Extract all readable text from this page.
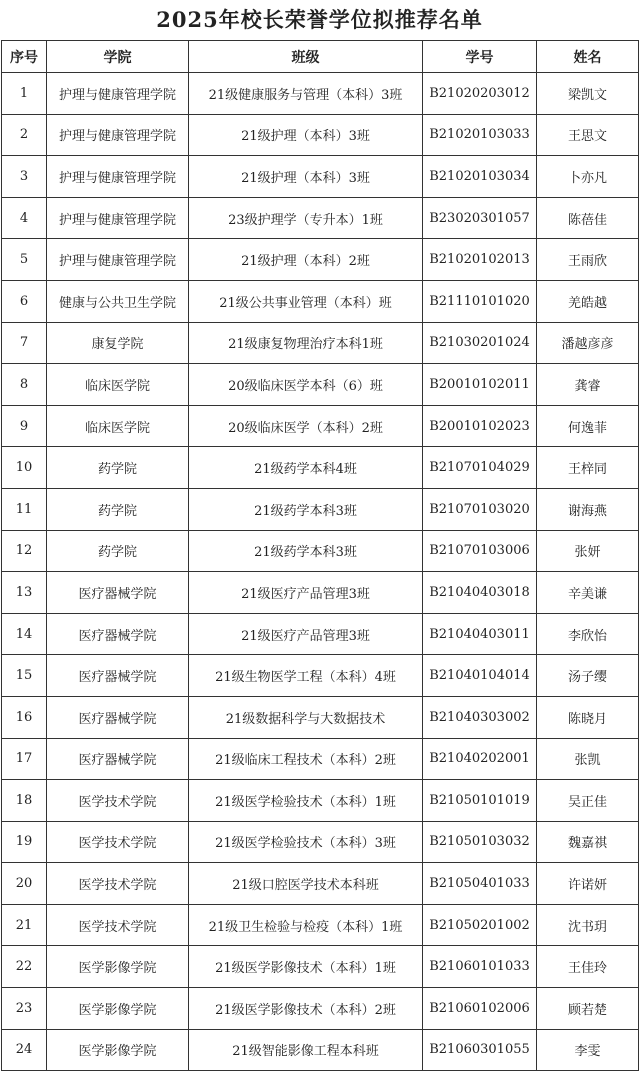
2025年校长荣誉学位拟推荐名单
序号	学院	班级	学号	姓名
1	护理与健康管理学院	21级健康服务与管理（本科）3班	B21020203012	梁凯文
2	护理与健康管理学院	21级护理（本科）3班	B21020103033	王思文
3	护理与健康管理学院	21级护理（本科）3班	B21020103034	卜亦凡
4	护理与健康管理学院	23级护理学（专升本）1班	B23020301057	陈蓓佳
5	护理与健康管理学院	21级护理（本科）2班	B21020102013	王雨欣
6	健康与公共卫生学院	21级公共事业管理（本科）班	B21110101020	羌皓越
7	康复学院	21级康复物理治疗本科1班	B21030201024	潘越彦彦
8	临床医学院	20级临床医学本科（6）班	B20010102011	龚睿
9	临床医学院	20级临床医学（本科）2班	B20010102023	何逸菲
10	药学院	21级药学本科4班	B21070104029	王梓同
11	药学院	21级药学本科3班	B21070103020	谢海燕
12	药学院	21级药学本科3班	B21070103006	张妍
13	医疗器械学院	21级医疗产品管理3班	B21040403018	辛美谦
14	医疗器械学院	21级医疗产品管理3班	B21040403011	李欣怡
15	医疗器械学院	21级生物医学工程（本科）4班	B21040104014	汤子缨
16	医疗器械学院	21级数据科学与大数据技术	B21040303002	陈晓月
17	医疗器械学院	21级临床工程技术（本科）2班	B21040202001	张凯
18	医学技术学院	21级医学检验技术（本科）1班	B21050101019	吴正佳
19	医学技术学院	21级医学检验技术（本科）3班	B21050103032	魏嘉祺
20	医学技术学院	21级口腔医学技术本科班	B21050401033	许诺妍
21	医学技术学院	21级卫生检验与检疫（本科）1班	B21050201002	沈书玥
22	医学影像学院	21级医学影像技术（本科）1班	B21060101033	王佳玲
23	医学影像学院	21级医学影像技术（本科）2班	B21060102006	顾若楚
24	医学影像学院	21级智能影像工程本科班	B21060301055	李雯
